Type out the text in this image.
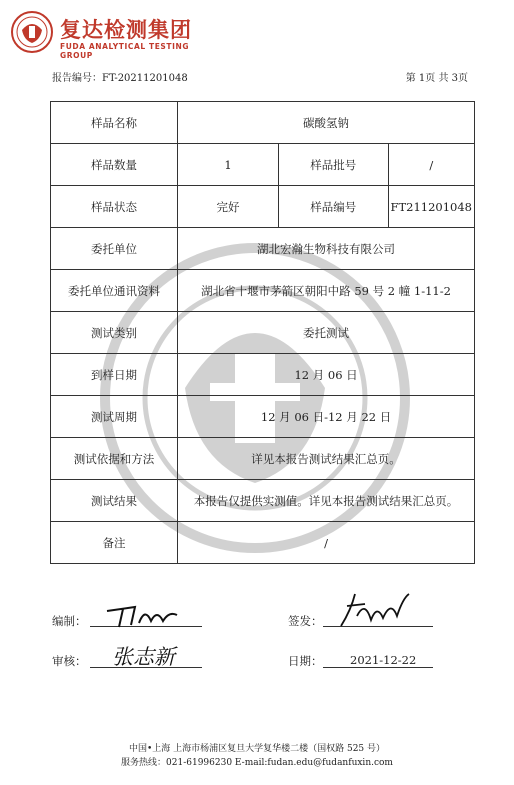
复达检测集团
FUDA ANALYTICAL TESTING GROUP
报告编号：FT-20211201048	第 1页 共 3页
样品名称	碳酸氢钠		
样品数量	1	样品批号	/
样品状态	完好	样品编号	FT211201048
委托单位	湖北宏瀚生物科技有限公司		
委托单位通讯资料	湖北省十堰市茅箭区朝阳中路 59 号 2 幢 1-11-2		
测试类别	委托测试		
到样日期	12 月 06 日		
测试周期	12 月 06 日-12 月 22 日		
测试依据和方法	详见本报告测试结果汇总页。		
测试结果	本报告仅提供实测值。详见本报告测试结果汇总页。		
备注	/		
编制：	签发：
审核： 张志新	日期： 2021-12-22
中国•上海 上海市杨浦区复旦大学复华楼二楼（国权路 525 号）
服务热线：021-61996230 E-mail:fudan.edu@fudanfuxin.com
